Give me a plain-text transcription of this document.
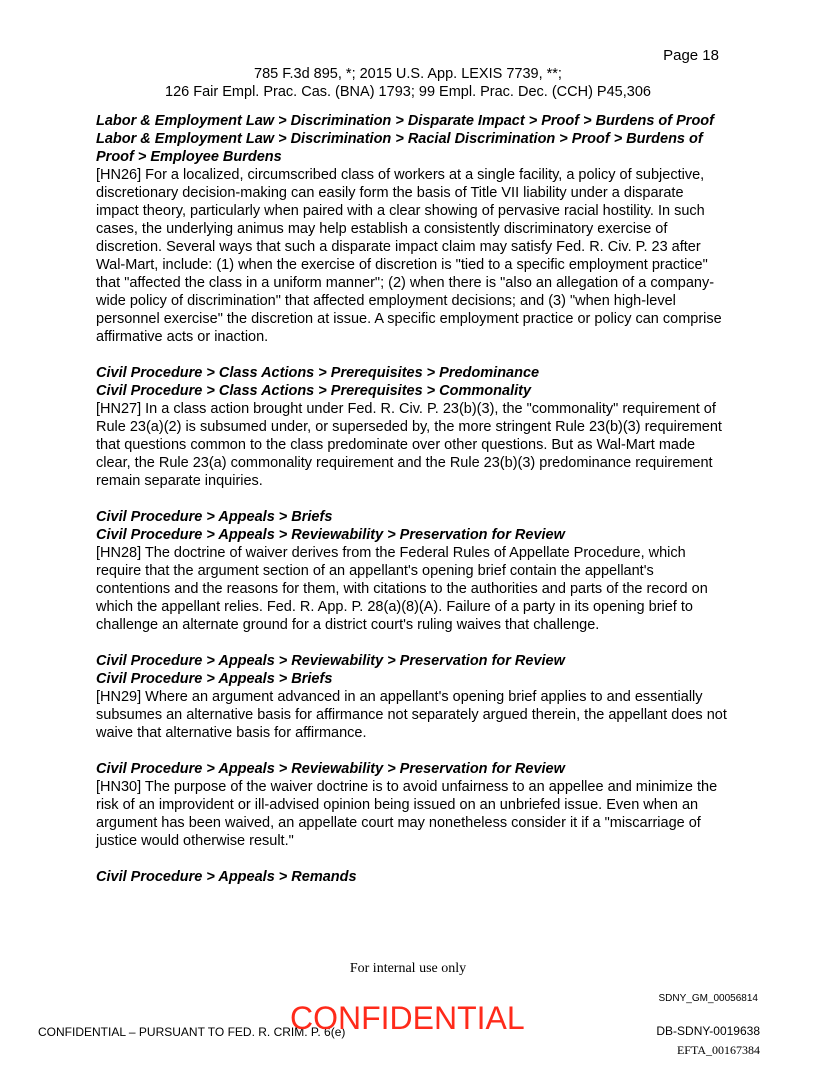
Page 18
785 F.3d 895, *; 2015 U.S. App. LEXIS 7739, **;
126 Fair Empl. Prac. Cas. (BNA) 1793; 99 Empl. Prac. Dec. (CCH) P45,306
Labor & Employment Law > Discrimination > Disparate Impact > Proof > Burdens of Proof
Labor & Employment Law > Discrimination > Racial Discrimination > Proof > Burdens of Proof > Employee Burdens
[HN26] For a localized, circumscribed class of workers at a single facility, a policy of subjective, discretionary decision-making can easily form the basis of Title VII liability under a disparate impact theory, particularly when paired with a clear showing of pervasive racial hostility. In such cases, the underlying animus may help establish a consistently discriminatory exercise of discretion. Several ways that such a disparate impact claim may satisfy Fed. R. Civ. P. 23 after Wal-Mart, include: (1) when the exercise of discretion is "tied to a specific employment practice" that "affected the class in a uniform manner"; (2) when there is "also an allegation of a company-wide policy of discrimination" that affected employment decisions; and (3) "when high-level personnel exercise" the discretion at issue. A specific employment practice or policy can comprise affirmative acts or inaction.
Civil Procedure > Class Actions > Prerequisites > Predominance
Civil Procedure > Class Actions > Prerequisites > Commonality
[HN27] In a class action brought under Fed. R. Civ. P. 23(b)(3), the "commonality" requirement of Rule 23(a)(2) is subsumed under, or superseded by, the more stringent Rule 23(b)(3) requirement that questions common to the class predominate over other questions. But as Wal-Mart made clear, the Rule 23(a) commonality requirement and the Rule 23(b)(3) predominance requirement remain separate inquiries.
Civil Procedure > Appeals > Briefs
Civil Procedure > Appeals > Reviewability > Preservation for Review
[HN28] The doctrine of waiver derives from the Federal Rules of Appellate Procedure, which require that the argument section of an appellant's opening brief contain the appellant's contentions and the reasons for them, with citations to the authorities and parts of the record on which the appellant relies. Fed. R. App. P. 28(a)(8)(A). Failure of a party in its opening brief to challenge an alternate ground for a district court's ruling waives that challenge.
Civil Procedure > Appeals > Reviewability > Preservation for Review
Civil Procedure > Appeals > Briefs
[HN29] Where an argument advanced in an appellant's opening brief applies to and essentially subsumes an alternative basis for affirmance not separately argued therein, the appellant does not waive that alternative basis for affirmance.
Civil Procedure > Appeals > Reviewability > Preservation for Review
[HN30] The purpose of the waiver doctrine is to avoid unfairness to an appellee and minimize the risk of an improvident or ill-advised opinion being issued on an unbriefed issue. Even when an argument has been waived, an appellate court may nonetheless consider it if a "miscarriage of justice would otherwise result."
Civil Procedure > Appeals > Remands
For internal use only
SDNY_GM_00056814
CONFIDENTIAL – PURSUANT TO FED. R. CRIM. P. 6(e)
CONFIDENTIAL	DB-SDNY-0019638
EFTA_00167384
